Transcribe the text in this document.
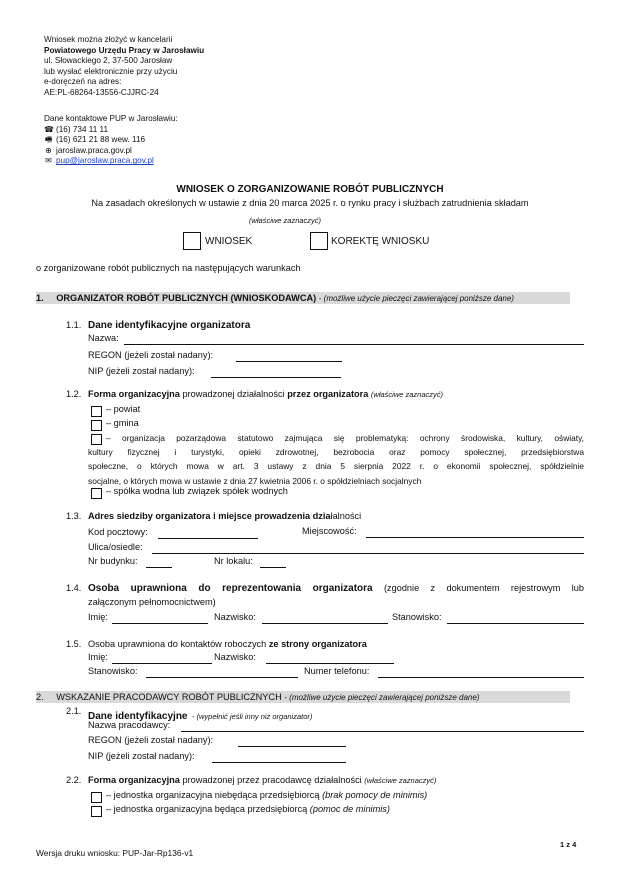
Wniosek można złożyć w kancelarii
Powiatowego Urzędu Pracy w Jarosławiu
ul. Słowackiego 2, 37-500 Jarosław
lub wysłać elektronicznie przy użyciu
e-doręczeń na adres:
AE:PL-68264-13556-CJJRC-24
Dane kontaktowe PUP w Jarosławiu:
☎ (16) 734 11 11
🖷 (16) 621 21 88 wew. 116
⊕ jaroslaw.praca.gov.pl
✉ pup@jaroslaw.praca.gov.pl
WNIOSEK O ZORGANIZOWANIE ROBÓT PUBLICZNYCH
Na zasadach określonych w ustawie z dnia 20 marca 2025 r. o rynku pracy i służbach zatrudnienia składam
(właściwe zaznaczyć)
WNIOSEK	KOREKTĘ WNIOSKU
o zorganizowane robót publicznych na następujących warunkach
1. ORGANIZATOR ROBÓT PUBLICZNYCH (WNIOSKODAWCA) - (możliwe użycie pieczęci zawierającej poniższe dane)
1.1. Dane identyfikacyjne organizatora
Nazwa:
REGON (jeżeli został nadany):
NIP (jeżeli został nadany):
1.2. Forma organizacyjna prowadzonej działalności przez organizatora (właściwe zaznaczyć)
– powiat
– gmina
– organizacja pozarządowa statutowo zajmująca się problematyką: ochrony środowiska, kultury, oświaty,
kultury fizycznej i turystyki, opieki zdrowotnej, bezrobocia oraz pomocy społecznej, przedsiębiorstwa
społeczne, o których mowa w art. 3 ustawy z dnia 5 sierpnia 2022 r. o ekonomii społecznej, spółdzielnie
socjalne, o których mowa w ustawie z dnia 27 kwietnia 2006 r. o spółdzielniach socjalnych
– spółka wodna lub związek spółek wodnych
1.3. Adres siedziby organizatora i miejsce prowadzenia działalności
Kod pocztowy:	Miejscowość:
Ulica/osiedle:
Nr budynku:	Nr lokalu:
1.4. Osoba uprawniona do reprezentowania organizatora (zgodnie z dokumentem rejestrowym lub
załączonym pełnomocnictwem)
Imię:	Nazwisko:	Stanowisko:
1.5. Osoba uprawniona do kontaktów roboczych ze strony organizatora
Imię:	Nazwisko:
Stanowisko:	Numer telefonu:
2. WSKAZANIE PRACODAWCY ROBÓT PUBLICZNYCH - (możliwe użycie pieczęci zawierającej poniższe dane)
2.1. Dane identyfikacyjne - (wypełnić jeśli inny niż organizator)
Nazwa pracodawcy:
REGON (jeżeli został nadany):
NIP (jeżeli został nadany):
2.2. Forma organizacyjna prowadzonej przez pracodawcę działalności (właściwe zaznaczyć)
– jednostka organizacyjna niebędąca przedsiębiorcą (brak pomocy de minimis)
– jednostka organizacyjna będąca przedsiębiorcą (pomoc de minimis)
1 z 4
Wersja druku wniosku: PUP-Jar-Rp136-v1
